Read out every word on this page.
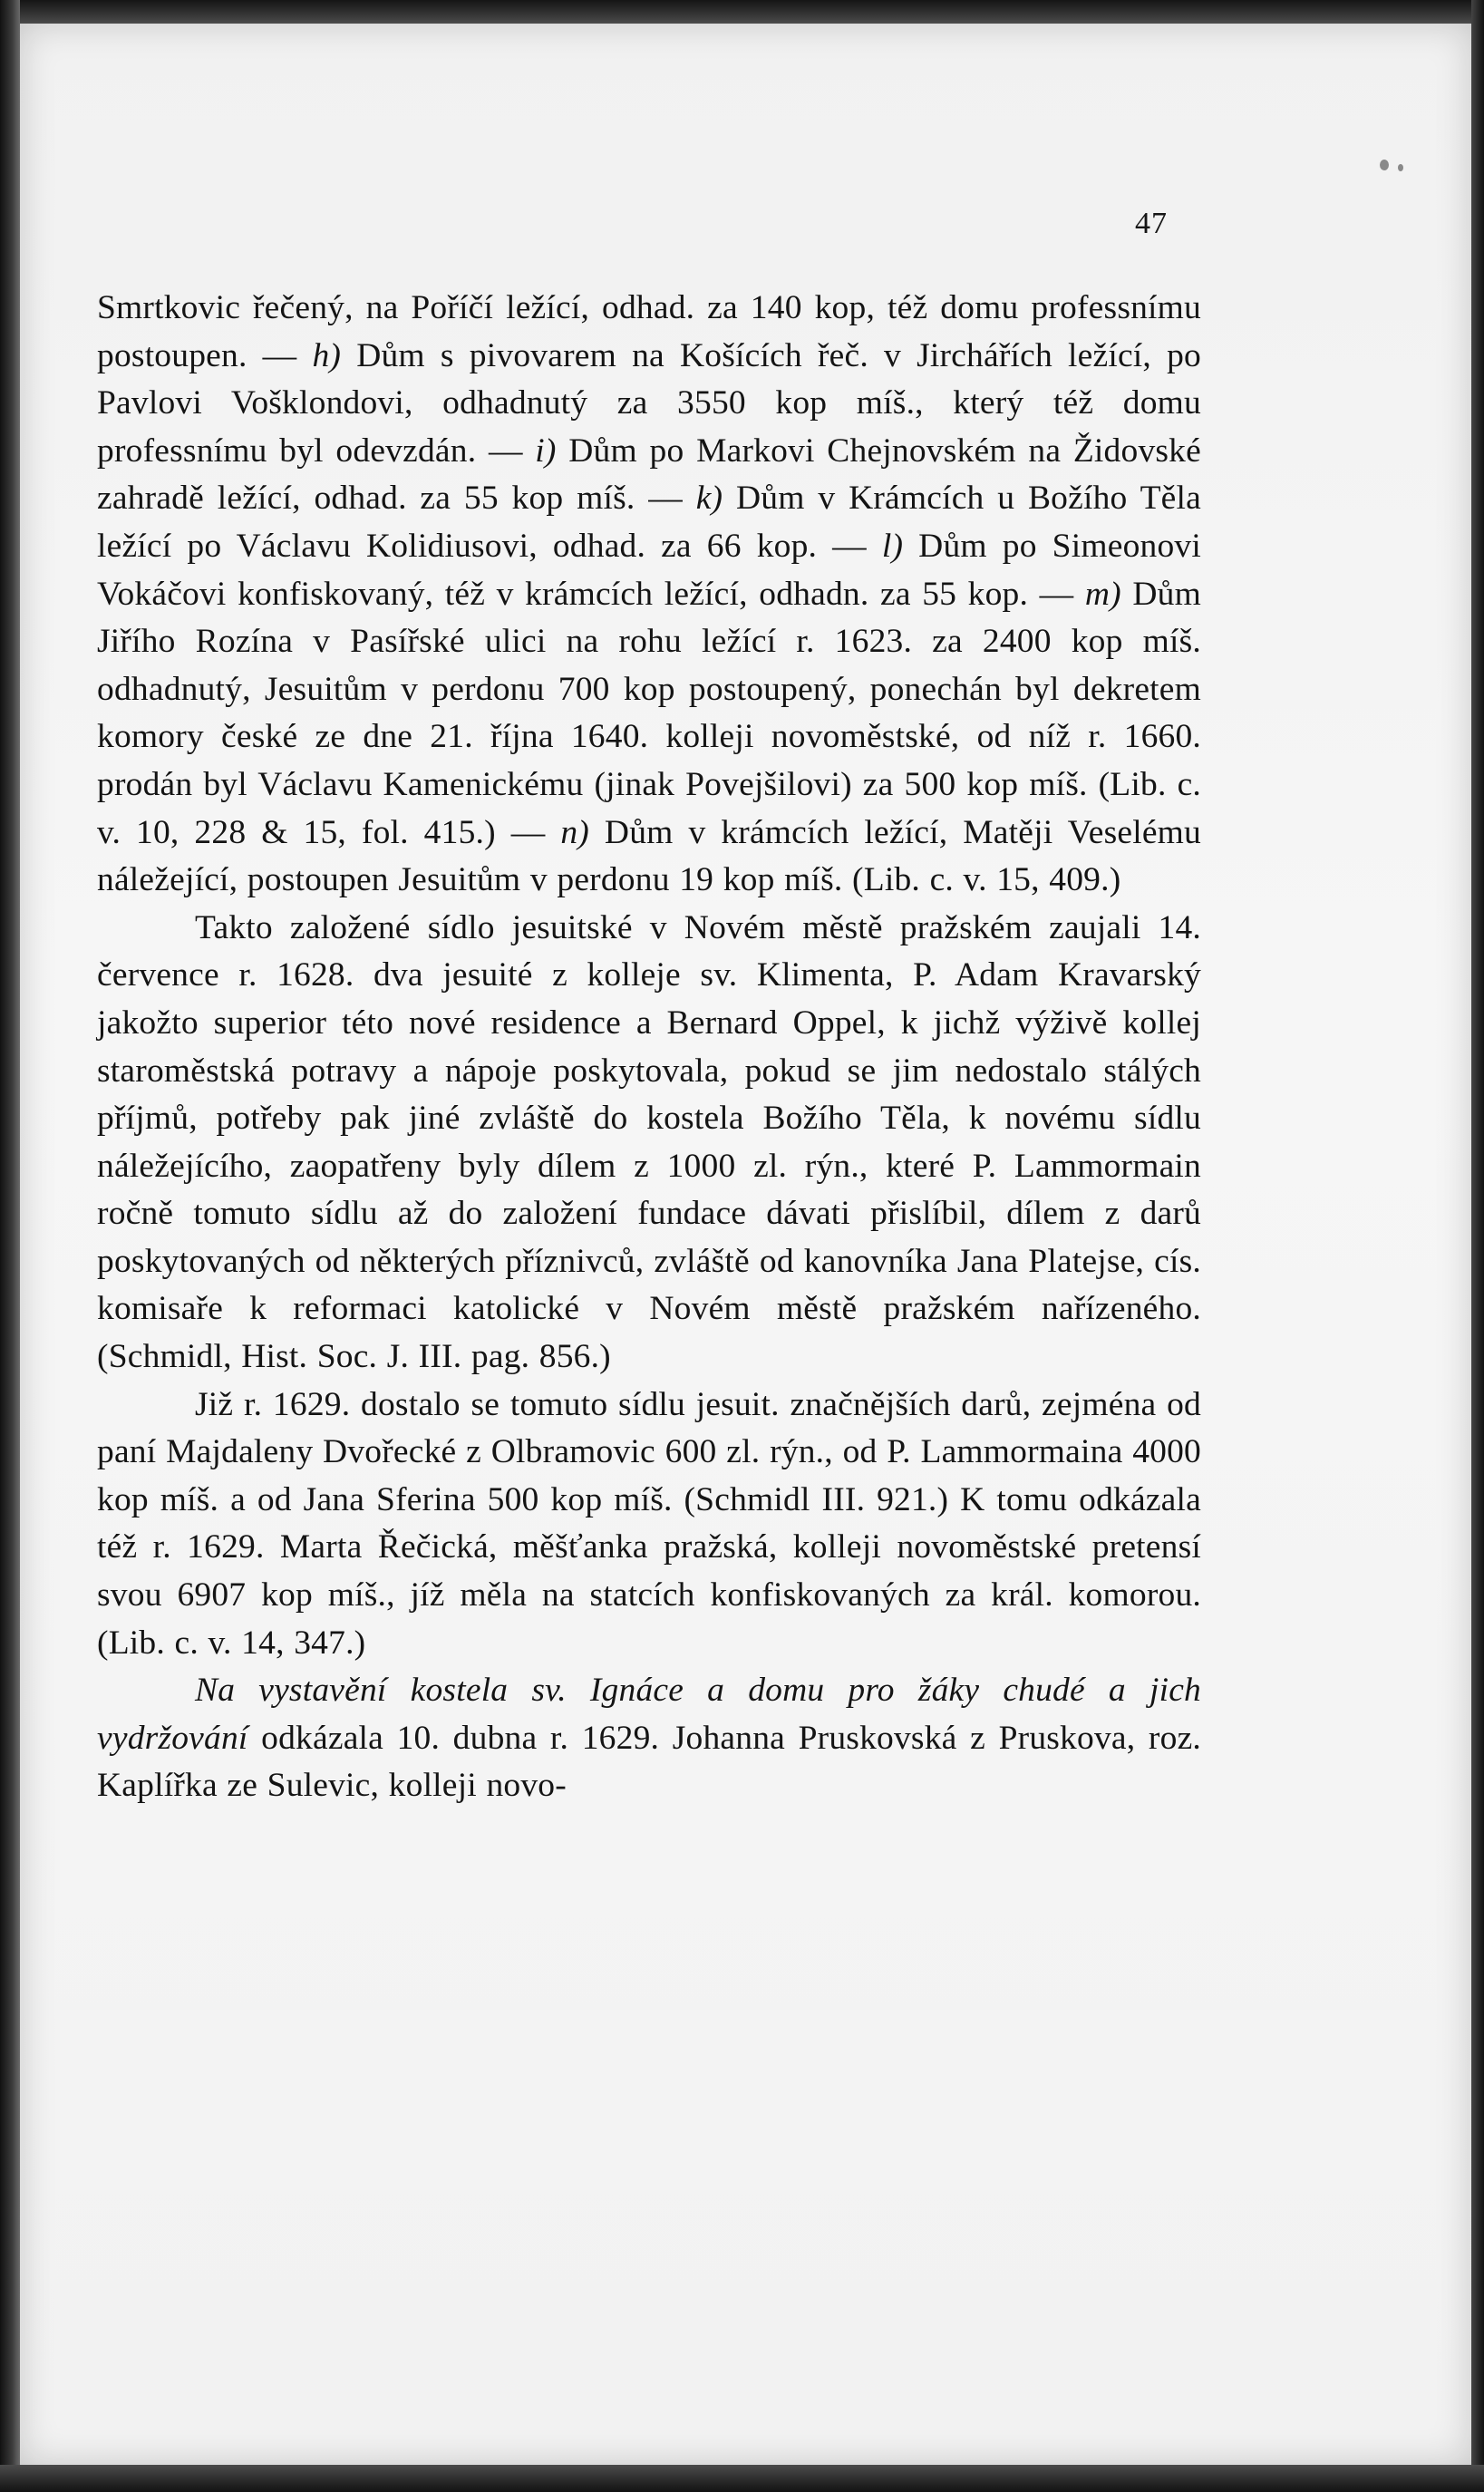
47

Smrtkovic řečený, na Poříčí ležící, odhad. za 140 kop, též domu professnímu postoupen. — h) Dům s pivovarem na Košících řeč. v Jirchářích ležící, po Pavlovi Vošklondovi, odhadnutý za 3550 kop míš., který též domu professnímu byl odevzdán. — i) Dům po Markovi Chejnovském na Židovské zahradě ležící, odhad. za 55 kop míš. — k) Dům v Krámcích u Božího Těla ležící po Václavu Kolidiusovi, odhad. za 66 kop. — l) Dům po Simeonovi Vokáčovi konfiskovaný, též v krámcích ležící, odhadn. za 55 kop. — m) Dům Jiřího Rozína v Pasířské ulici na rohu ležící r. 1623. za 2400 kop míš. odhadnutý, Jesuitům v perdonu 700 kop postoupený, ponechán byl dekretem komory české ze dne 21. října 1640. kolleji novoměstské, od níž r. 1660. prodán byl Václavu Kamenickému (jinak Povejšilovi) za 500 kop míš. (Lib. c. v. 10, 228 & 15, fol. 415.) — n) Dům v krámcích ležící, Matěji Veselému náležející, postoupen Jesuitům v perdonu 19 kop míš. (Lib. c. v. 15, 409.)

Takto založené sídlo jesuitské v Novém městě pražském zaujali 14. července r. 1628. dva jesuité z kolleje sv. Klimenta, P. Adam Kravarský jakožto superior této nové residence a Bernard Oppel, k jichž výživě kollej staroměstská potravy a nápoje poskytovala, pokud se jim nedostalo stálých příjmů, potřeby pak jiné zvláště do kostela Božího Těla, k novému sídlu náležejícího, zaopatřeny byly dílem z 1000 zl. rýn., které P. Lammormain ročně tomuto sídlu až do založení fundace dávati přislíbil, dílem z darů poskytovaných od některých příznivců, zvláště od kanovníka Jana Platejse, cís. komisaře k reformaci katolické v Novém městě pražském nařízeného. (Schmidl, Hist. Soc. J. III. pag. 856.)

Již r. 1629. dostalo se tomuto sídlu jesuit. značnějších darů, zejména od paní Majdaleny Dvořecké z Olbramovic 600 zl. rýn., od P. Lammormaina 4000 kop míš. a od Jana Sferina 500 kop míš. (Schmidl III. 921.) K tomu odkázala též r. 1629. Marta Řečická, měšťanka pražská, kolleji novoměstské pretensí svou 6907 kop míš., jíž měla na statcích konfiskovaných za král. komorou. (Lib. c. v. 14, 347.)

Na vystavění kostela sv. Ignáce a domu pro žáky chudé a jich vydržování odkázala 10. dubna r. 1629. Johanna Pruskovská z Pruskova, roz. Kaplířka ze Sulevic, kolleji novo-
